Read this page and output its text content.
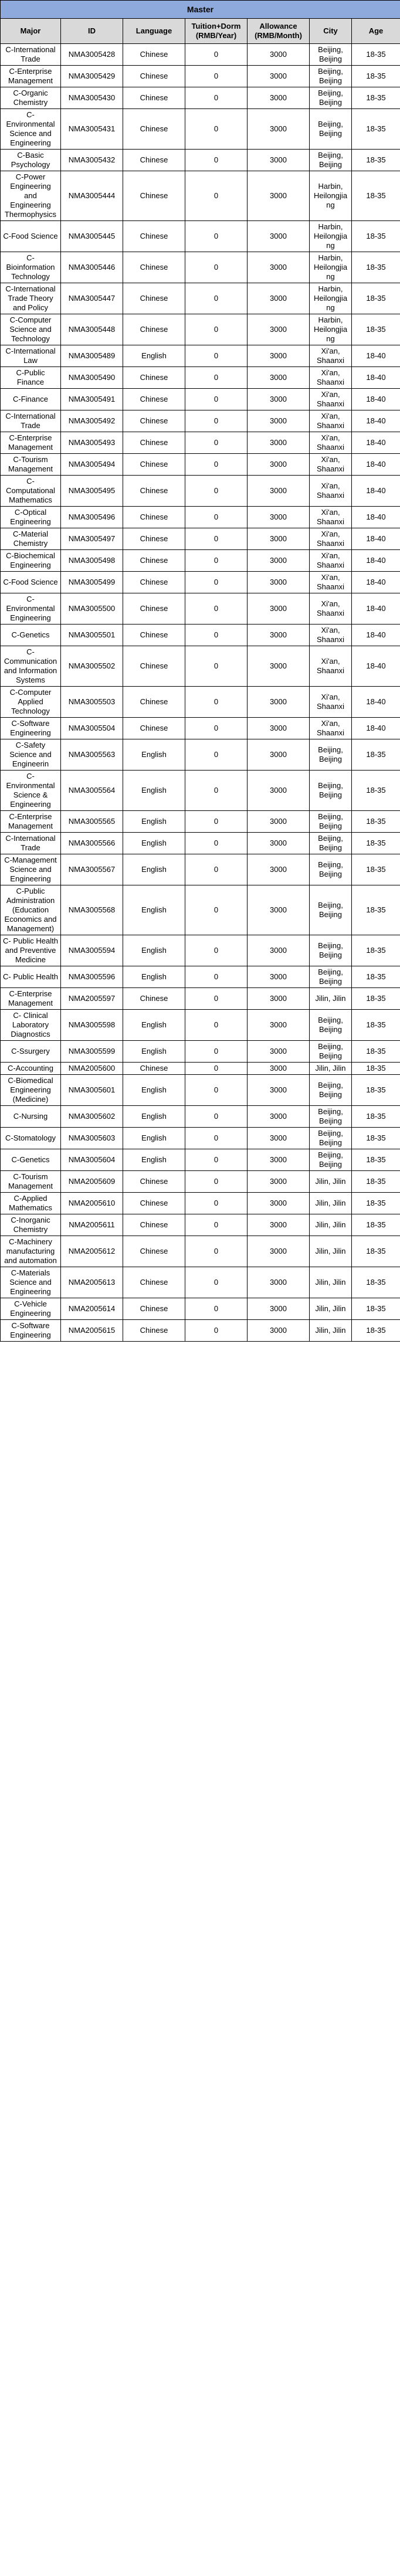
Master						
Major	ID	Language	Tuition+Dorm (RMB/Year)	Allowance (RMB/Month)	City	Age
C-International Trade	NMA3005428	Chinese	0	3000	Beijing, Beijing	18-35
C-Enterprise Management	NMA3005429	Chinese	0	3000	Beijing, Beijing	18-35
C-Organic Chemistry	NMA3005430	Chinese	0	3000	Beijing, Beijing	18-35
C-Environmental Science and Engineering	NMA3005431	Chinese	0	3000	Beijing, Beijing	18-35
C-Basic Psychology	NMA3005432	Chinese	0	3000	Beijing, Beijing	18-35
C-Power Engineering and Engineering Thermophysics	NMA3005444	Chinese	0	3000	Harbin, Heilongjiang	18-35
C-Food Science	NMA3005445	Chinese	0	3000	Harbin, Heilongjiang	18-35
C-Bioinformation Technology	NMA3005446	Chinese	0	3000	Harbin, Heilongjiang	18-35
C-International Trade Theory and Policy	NMA3005447	Chinese	0	3000	Harbin, Heilongjiang	18-35
C-Computer Science and Technology	NMA3005448	Chinese	0	3000	Harbin, Heilongjiang	18-35
C-International Law	NMA3005489	English	0	3000	Xi'an, Shaanxi	18-40
C-Public Finance	NMA3005490	Chinese	0	3000	Xi'an, Shaanxi	18-40
C-Finance	NMA3005491	Chinese	0	3000	Xi'an, Shaanxi	18-40
C-International Trade	NMA3005492	Chinese	0	3000	Xi'an, Shaanxi	18-40
C-Enterprise Management	NMA3005493	Chinese	0	3000	Xi'an, Shaanxi	18-40
C-Tourism Management	NMA3005494	Chinese	0	3000	Xi'an, Shaanxi	18-40
C-Computational Mathematics	NMA3005495	Chinese	0	3000	Xi'an, Shaanxi	18-40
C-Optical Engineering	NMA3005496	Chinese	0	3000	Xi'an, Shaanxi	18-40
C-Material Chemistry	NMA3005497	Chinese	0	3000	Xi'an, Shaanxi	18-40
C-Biochemical Engineering	NMA3005498	Chinese	0	3000	Xi'an, Shaanxi	18-40
C-Food Science	NMA3005499	Chinese	0	3000	Xi'an, Shaanxi	18-40
C-Environmental Engineering	NMA3005500	Chinese	0	3000	Xi'an, Shaanxi	18-40
C-Genetics	NMA3005501	Chinese	0	3000	Xi'an, Shaanxi	18-40
C-Communication and Information Systems	NMA3005502	Chinese	0	3000	Xi'an, Shaanxi	18-40
C-Computer Applied Technology	NMA3005503	Chinese	0	3000	Xi'an, Shaanxi	18-40
C-Software Engineering	NMA3005504	Chinese	0	3000	Xi'an, Shaanxi	18-40
C-Safety Science and Engineerin	NMA3005563	English	0	3000	Beijing, Beijing	18-35
C-Environmental Science & Engineering	NMA3005564	English	0	3000	Beijing, Beijing	18-35
C-Enterprise Management	NMA3005565	English	0	3000	Beijing, Beijing	18-35
C-International Trade	NMA3005566	English	0	3000	Beijing, Beijing	18-35
C-Management Science and Engineering	NMA3005567	English	0	3000	Beijing, Beijing	18-35
C-Public Administration (Education Economics and Management)	NMA3005568	English	0	3000	Beijing, Beijing	18-35
C- Public Health and Preventive Medicine	NMA3005594	English	0	3000	Beijing, Beijing	18-35
C- Public Health	NMA3005596	English	0	3000	Beijing, Beijing	18-35
C-Enterprise Management	NMA2005597	Chinese	0	3000	Jilin, Jilin	18-35
C- Clinical Laboratory Diagnostics	NMA3005598	English	0	3000	Beijing, Beijing	18-35
C-Ssurgery	NMA3005599	English	0	3000	Beijing, Beijing	18-35
C-Accounting	NMA2005600	Chinese	0	3000	Jilin, Jilin	18-35
C-Biomedical Engineering (Medicine)	NMA3005601	English	0	3000	Beijing, Beijing	18-35
C-Nursing	NMA3005602	English	0	3000	Beijing, Beijing	18-35
C-Stomatology	NMA3005603	English	0	3000	Beijing, Beijing	18-35
C-Genetics	NMA3005604	English	0	3000	Beijing, Beijing	18-35
C-Tourism Management	NMA2005609	Chinese	0	3000	Jilin, Jilin	18-35
C-Applied Mathematics	NMA2005610	Chinese	0	3000	Jilin, Jilin	18-35
C-Inorganic Chemistry	NMA2005611	Chinese	0	3000	Jilin, Jilin	18-35
C-Machinery manufacturing and automation	NMA2005612	Chinese	0	3000	Jilin, Jilin	18-35
C-Materials Science and Engineering	NMA2005613	Chinese	0	3000	Jilin, Jilin	18-35
C-Vehicle Engineering	NMA2005614	Chinese	0	3000	Jilin, Jilin	18-35
C-Software Engineering	NMA2005615	Chinese	0	3000	Jilin, Jilin	18-35
